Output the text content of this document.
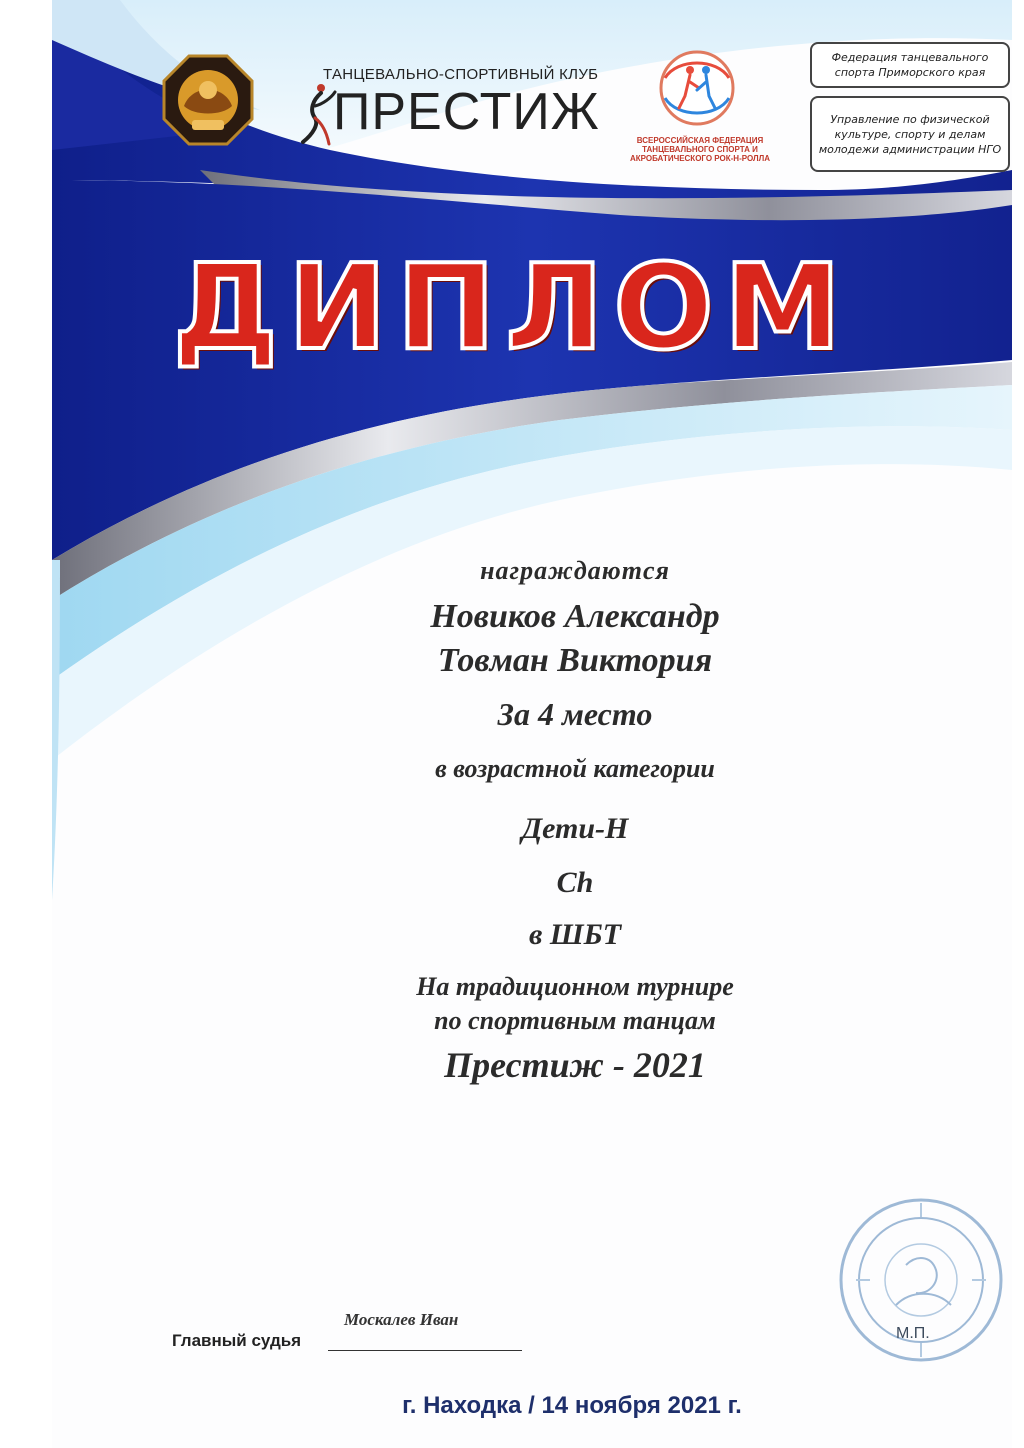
ТАНЦЕВАЛЬНО-СПОРТИВНЫЙ КЛУБ
ПРЕСТИЖ	ВСЕРОССИЙСКАЯ ФЕДЕРАЦИЯ ТАНЦЕВАЛЬНОГО СПОРТА И АКРОБАТИЧЕСКОГО РОК-Н-РОЛЛА
Федерация танцевального спорта Приморского края
Управление по физической культуре, спорту и делам молодежи администрации НГО
ДИПЛОМ
награждаются
Новиков Александр
Товман Виктория
За 4 место
в возрастной категории
Дети-Н
Ch
в ШБТ
На традиционном турнире
по спортивным танцам
Престиж - 2021
Москалев Иван
Главный судья	М.П.
г. Находка / 14 ноября 2021 г.
